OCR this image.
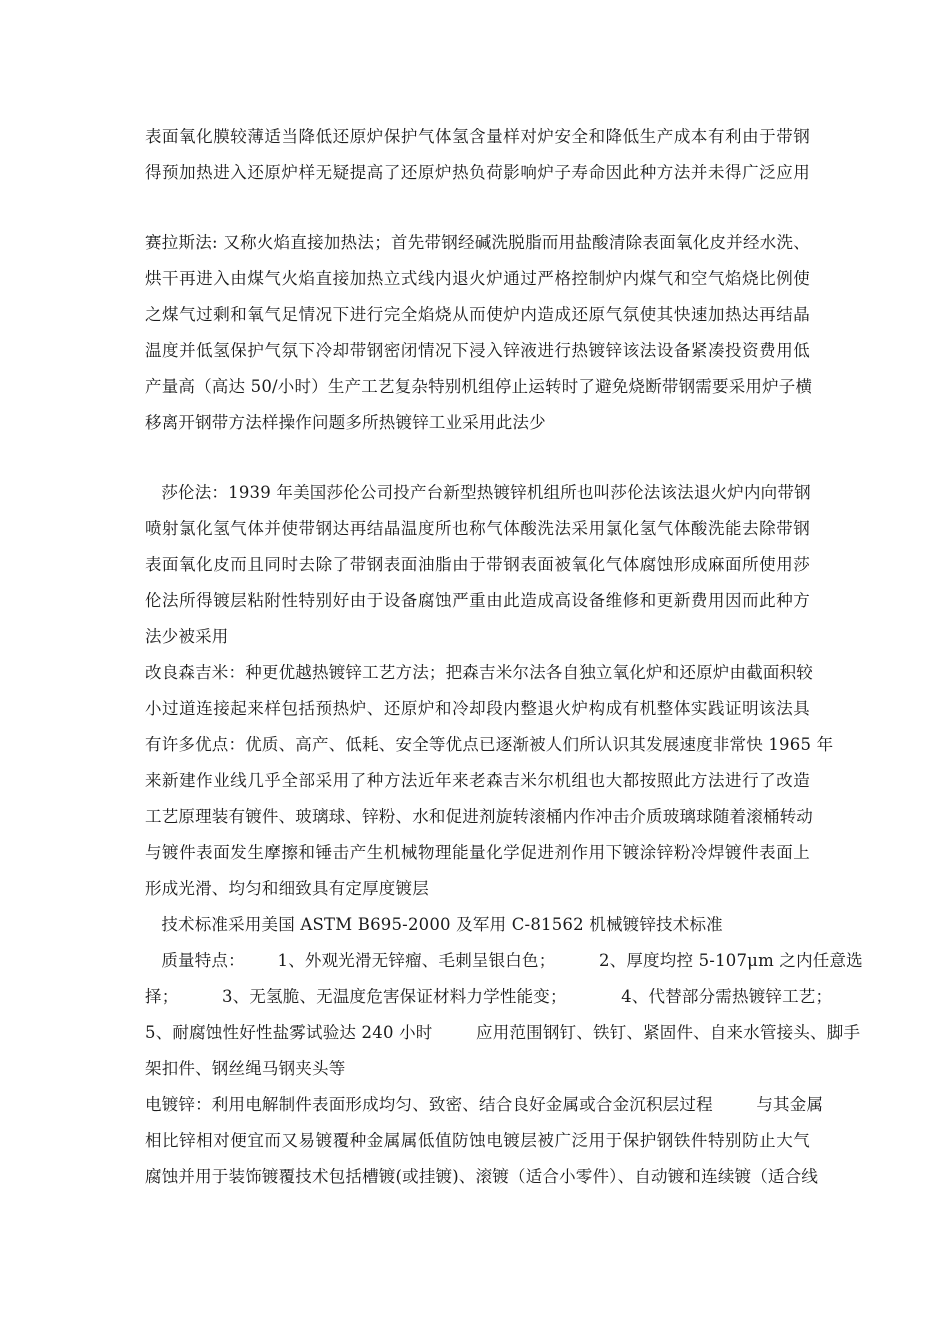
表面氧化膜较薄适当降低还原炉保护气体氢含量样对炉安全和降低生产成本有利由于带钢
得预加热进入还原炉样无疑提高了还原炉热负荷影响炉子寿命因此种方法并未得广泛应用
赛拉斯法: 又称火焰直接加热法；首先带钢经碱洗脱脂而用盐酸清除表面氧化皮并经水洗、
烘干再进入由煤气火焰直接加热立式线内退火炉通过严格控制炉内煤气和空气焰烧比例使
之煤气过剩和氧气足情况下进行完全焰烧从而使炉内造成还原气氛使其快速加热达再结晶
温度并低氢保护气氛下冷却带钢密闭情况下浸入锌液进行热镀锌该法设备紧凑投资费用低
产量高（高达 50/小时）生产工艺复杂特别机组停止运转时了避免烧断带钢需要采用炉子横
移离开钢带方法样操作问题多所热镀锌工业采用此法少
莎伦法：1939 年美国莎伦公司投产台新型热镀锌机组所也叫莎伦法该法退火炉内向带钢
喷射氯化氢气体并使带钢达再结晶温度所也称气体酸洗法采用氯化氢气体酸洗能去除带钢
表面氧化皮而且同时去除了带钢表面油脂由于带钢表面被氧化气体腐蚀形成麻面所使用莎
伦法所得镀层粘附性特别好由于设备腐蚀严重由此造成高设备维修和更新费用因而此种方
法少被采用
改良森吉米：种更优越热镀锌工艺方法；把森吉米尔法各自独立氧化炉和还原炉由截面积较
小过道连接起来样包括预热炉、还原炉和冷却段内整退火炉构成有机整体实践证明该法具
有许多优点：优质、高产、低耗、安全等优点已逐渐被人们所认识其发展速度非常快 1965 年
来新建作业线几乎全部采用了种方法近年来老森吉米尔机组也大都按照此方法进行了改造
工艺原理装有镀件、玻璃球、锌粉、水和促进剂旋转滚桶内作冲击介质玻璃球随着滚桶转动
与镀件表面发生摩擦和锤击产生机械物理能量化学促进剂作用下镀涂锌粉冷焊镀件表面上
形成光滑、均匀和细致具有定厚度镀层
技术标准采用美国 ASTM B695-2000 及军用 C-81562 机械镀锌技术标准
质量特点：      1、外观光滑无锌瘤、毛刺呈银白色；        2、厚度均控 5-107μm 之内任意选
择；        3、无氢脆、无温度危害保证材料力学性能变；          4、代替部分需热镀锌工艺；
5、耐腐蚀性好性盐雾试验达 240 小时        应用范围钢钉、铁钉、紧固件、自来水管接头、脚手
架扣件、钢丝绳马钢夹头等
电镀锌：利用电解制件表面形成均匀、致密、结合良好金属或合金沉积层过程        与其金属
相比锌相对便宜而又易镀覆种金属属低值防蚀电镀层被广泛用于保护钢铁件特别防止大气
腐蚀并用于装饰镀覆技术包括槽镀(或挂镀)、滚镀（适合小零件）、自动镀和连续镀（适合线
